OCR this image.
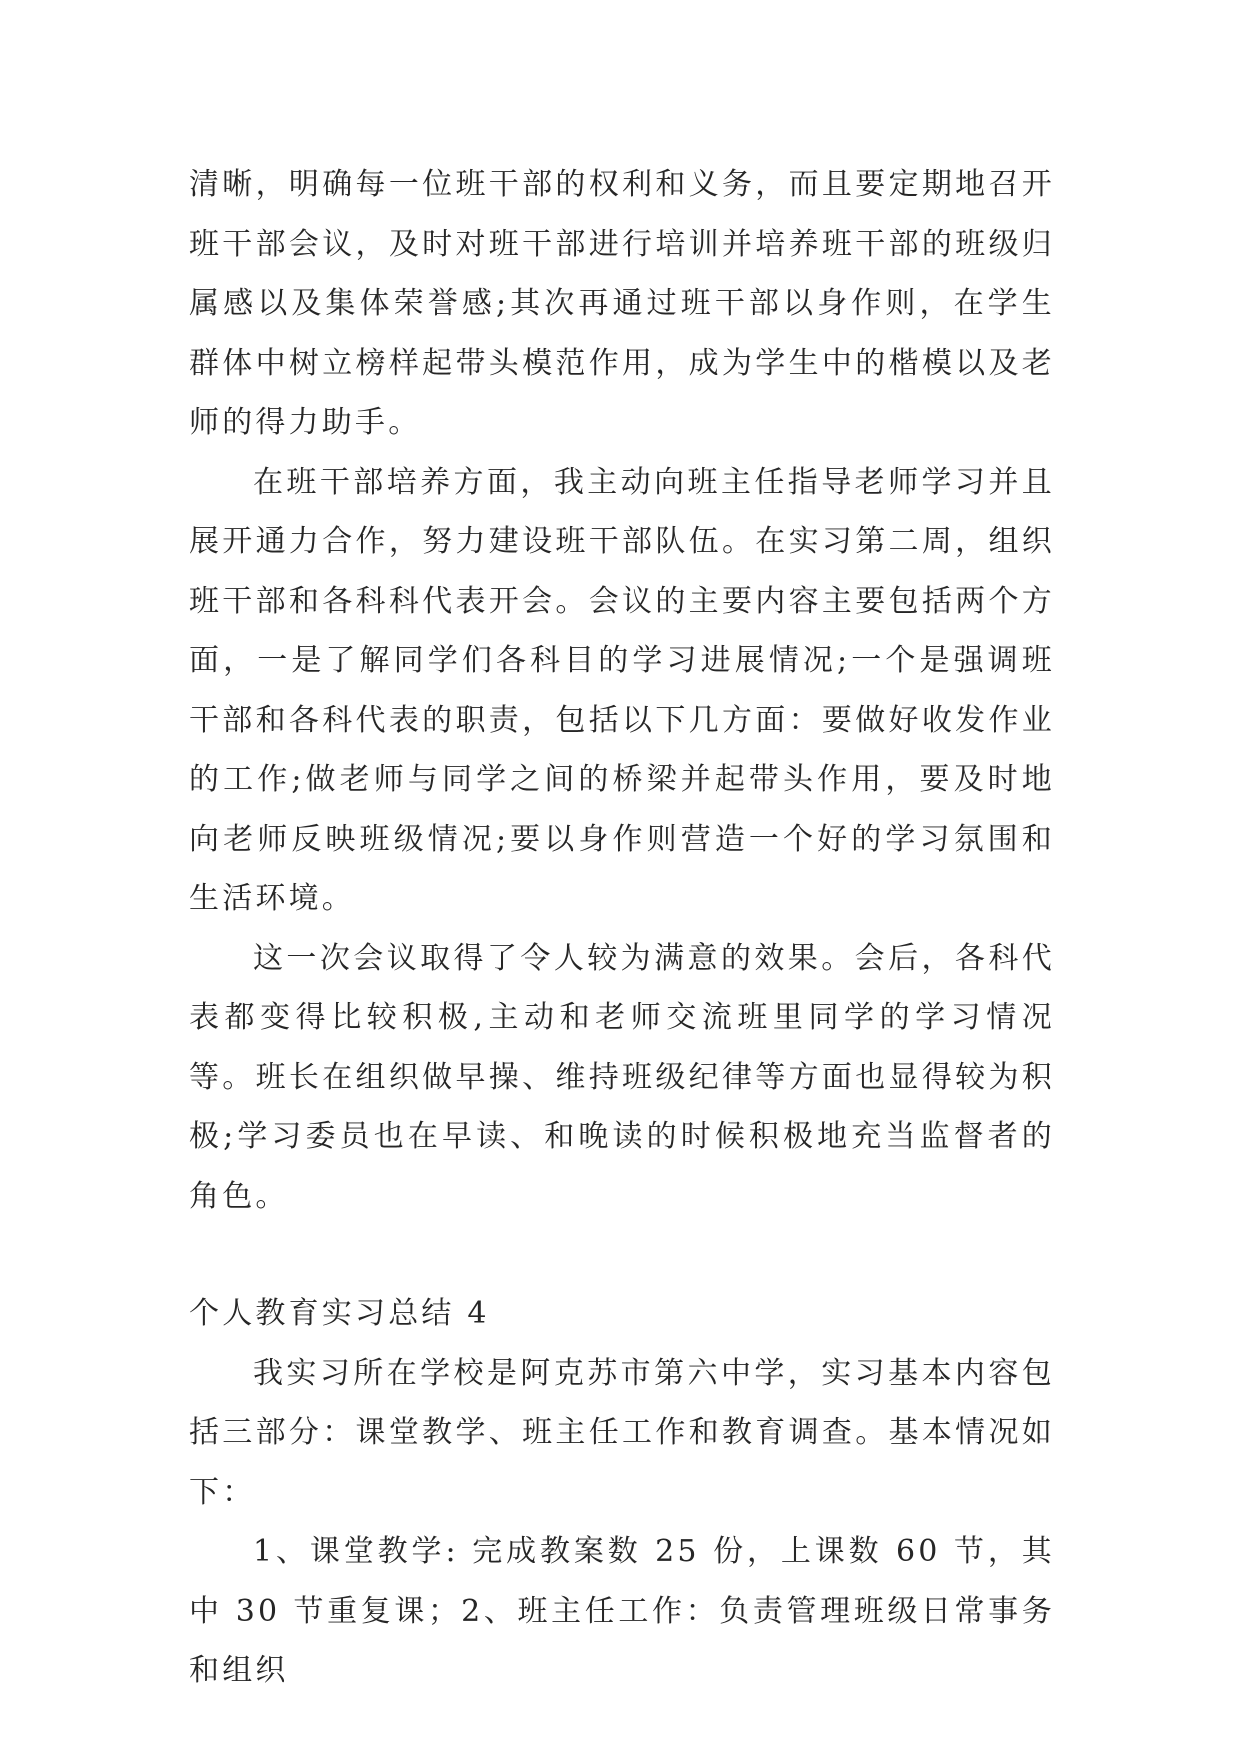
清晰，明确每一位班干部的权利和义务，而且要定期地召开班干部会议，及时对班干部进行培训并培养班干部的班级归属感以及集体荣誉感;其次再通过班干部以身作则，在学生群体中树立榜样起带头模范作用，成为学生中的楷模以及老师的得力助手。

在班干部培养方面，我主动向班主任指导老师学习并且展开通力合作，努力建设班干部队伍。在实习第二周，组织班干部和各科科代表开会。会议的主要内容主要包括两个方面，一是了解同学们各科目的学习进展情况;一个是强调班干部和各科代表的职责，包括以下几方面：要做好收发作业的工作;做老师与同学之间的桥梁并起带头作用，要及时地向老师反映班级情况;要以身作则营造一个好的学习氛围和生活环境。

这一次会议取得了令人较为满意的效果。会后，各科代表都变得比较积极,主动和老师交流班里同学的学习情况等。班长在组织做早操、维持班级纪律等方面也显得较为积极;学习委员也在早读、和晚读的时候积极地充当监督者的角色。

个人教育实习总结 4

我实习所在学校是阿克苏市第六中学，实习基本内容包括三部分：课堂教学、班主任工作和教育调查。基本情况如下：

1、课堂教学: 完成教案数 25 份，上课数 60 节，其中 30 节重复课；2、班主任工作：负责管理班级日常事务和组织
